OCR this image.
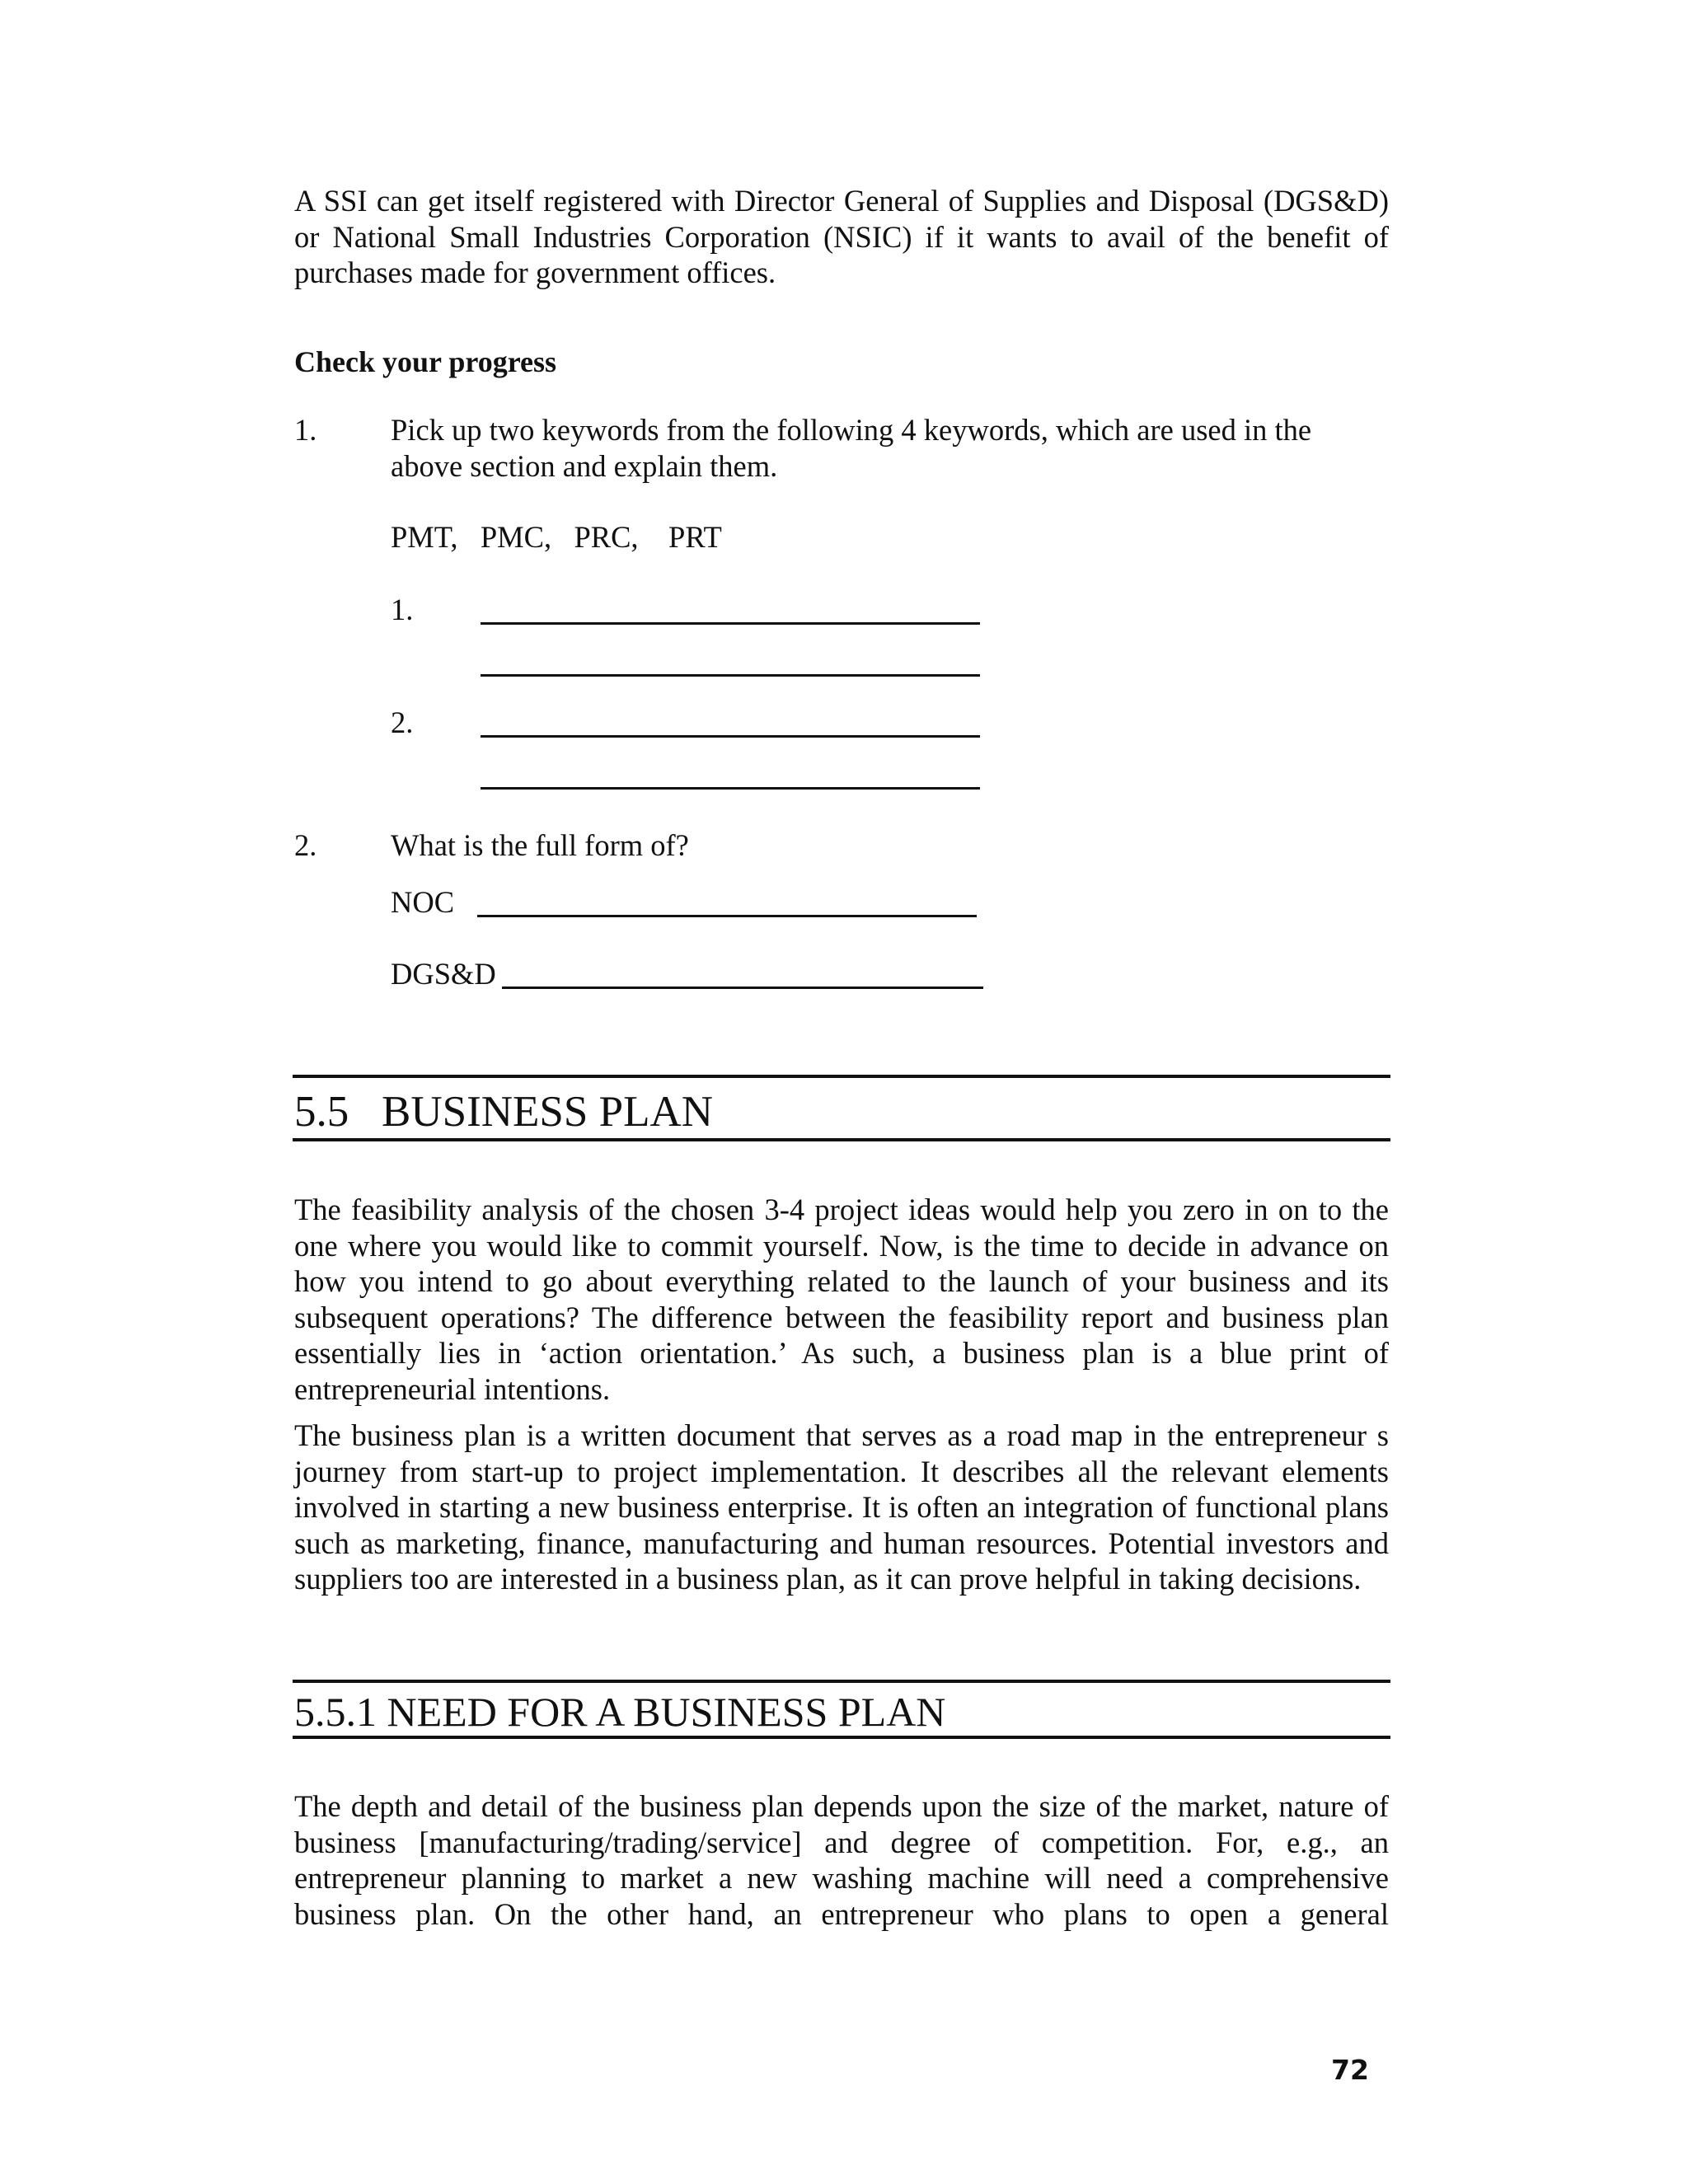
A SSI can get itself registered with Director General of Supplies and Disposal (DGS&D) or National Small Industries Corporation (NSIC) if it wants to avail of the benefit of purchases made for government offices.

Check your progress
1. Pick up two keywords from the following 4 keywords, which are used in the above section and explain them.
PMT,   PMC,   PRC,    PRT
1.
2.
2. What is the full form of?
NOC
DGS&D
5.5   BUSINESS PLAN

The feasibility analysis of the chosen 3-4 project ideas would help you zero in on to the one where you would like to commit yourself. Now, is the time to decide in advance on how you intend to go about everything related to the launch of your business and its subsequent operations? The difference between the feasibility report and business plan essentially lies in ‘action orientation.’ As such, a business plan is a blue print of entrepreneurial intentions.

The business plan is a written document that serves as a road map in the entrepreneur s journey from start-up to project implementation. It describes all the relevant elements involved in starting a new business enterprise. It is often an integration of functional plans such as marketing, finance, manufacturing and human resources. Potential investors and suppliers too are interested in a business plan, as it can prove helpful in taking decisions.

5.5.1 NEED FOR A BUSINESS PLAN

The depth and detail of the business plan depends upon the size of the market, nature of business [manufacturing/trading/service] and degree of competition. For, e.g., an entrepreneur planning to market a new washing machine will need a comprehensive business plan. On the other hand, an entrepreneur who plans to open a general

72
